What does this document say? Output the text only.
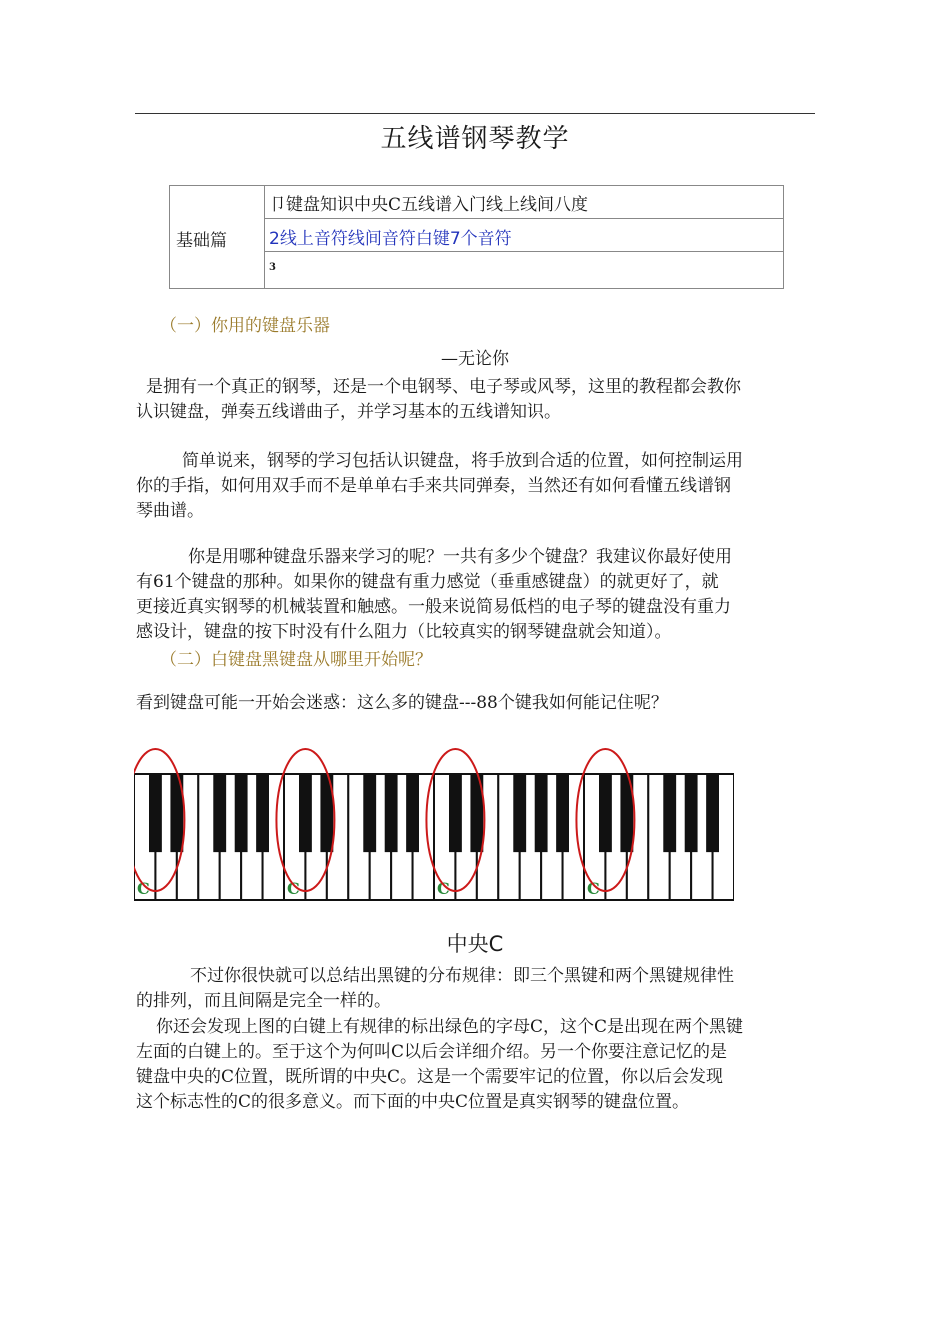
五线谱钢琴教学
基础篇
卩键盘知识中央C五线谱入门线上线间八度
2线上音符线间音符白键7个音符
3
（一）你用的键盘乐器
—无论你
是拥有一个真正的钢琴，还是一个电钢琴、电子琴或风琴，这里的教程都会教你
认识键盘，弹奏五线谱曲子，并学习基本的五线谱知识。
简单说来，钢琴的学习包括认识键盘，将手放到合适的位置，如何控制运用
你的手指，如何用双手而不是单单右手来共同弹奏，当然还有如何看懂五线谱钢
琴曲谱。
你是用哪种键盘乐器来学习的呢？一共有多少个键盘？我建议你最好使用
有61个键盘的那种。如果你的键盘有重力感觉（垂重感键盘）的就更好了，就
更接近真实钢琴的机械装置和触感。一般来说简易低档的电子琴的键盘没有重力
感设计，键盘的按下时没有什么阻力（比较真实的钢琴键盘就会知道）。
（二）白键盘黑键盘从哪里开始呢？
看到键盘可能一开始会迷惑：这么多的键盘---88个键我如何能记住呢？
C	C	C	C
中央C
不过你很快就可以总结出黑键的分布规律：即三个黑键和两个黑键规律性
的排列，而且间隔是完全一样的。
你还会发现上图的白键上有规律的标出绿色的字母C，这个C是出现在两个黑键
左面的白键上的。至于这个为何叫C以后会详细介绍。另一个你要注意记忆的是
键盘中央的C位置，既所谓的中央C。这是一个需要牢记的位置，你以后会发现
这个标志性的C的很多意义。而下面的中央C位置是真实钢琴的键盘位置。
